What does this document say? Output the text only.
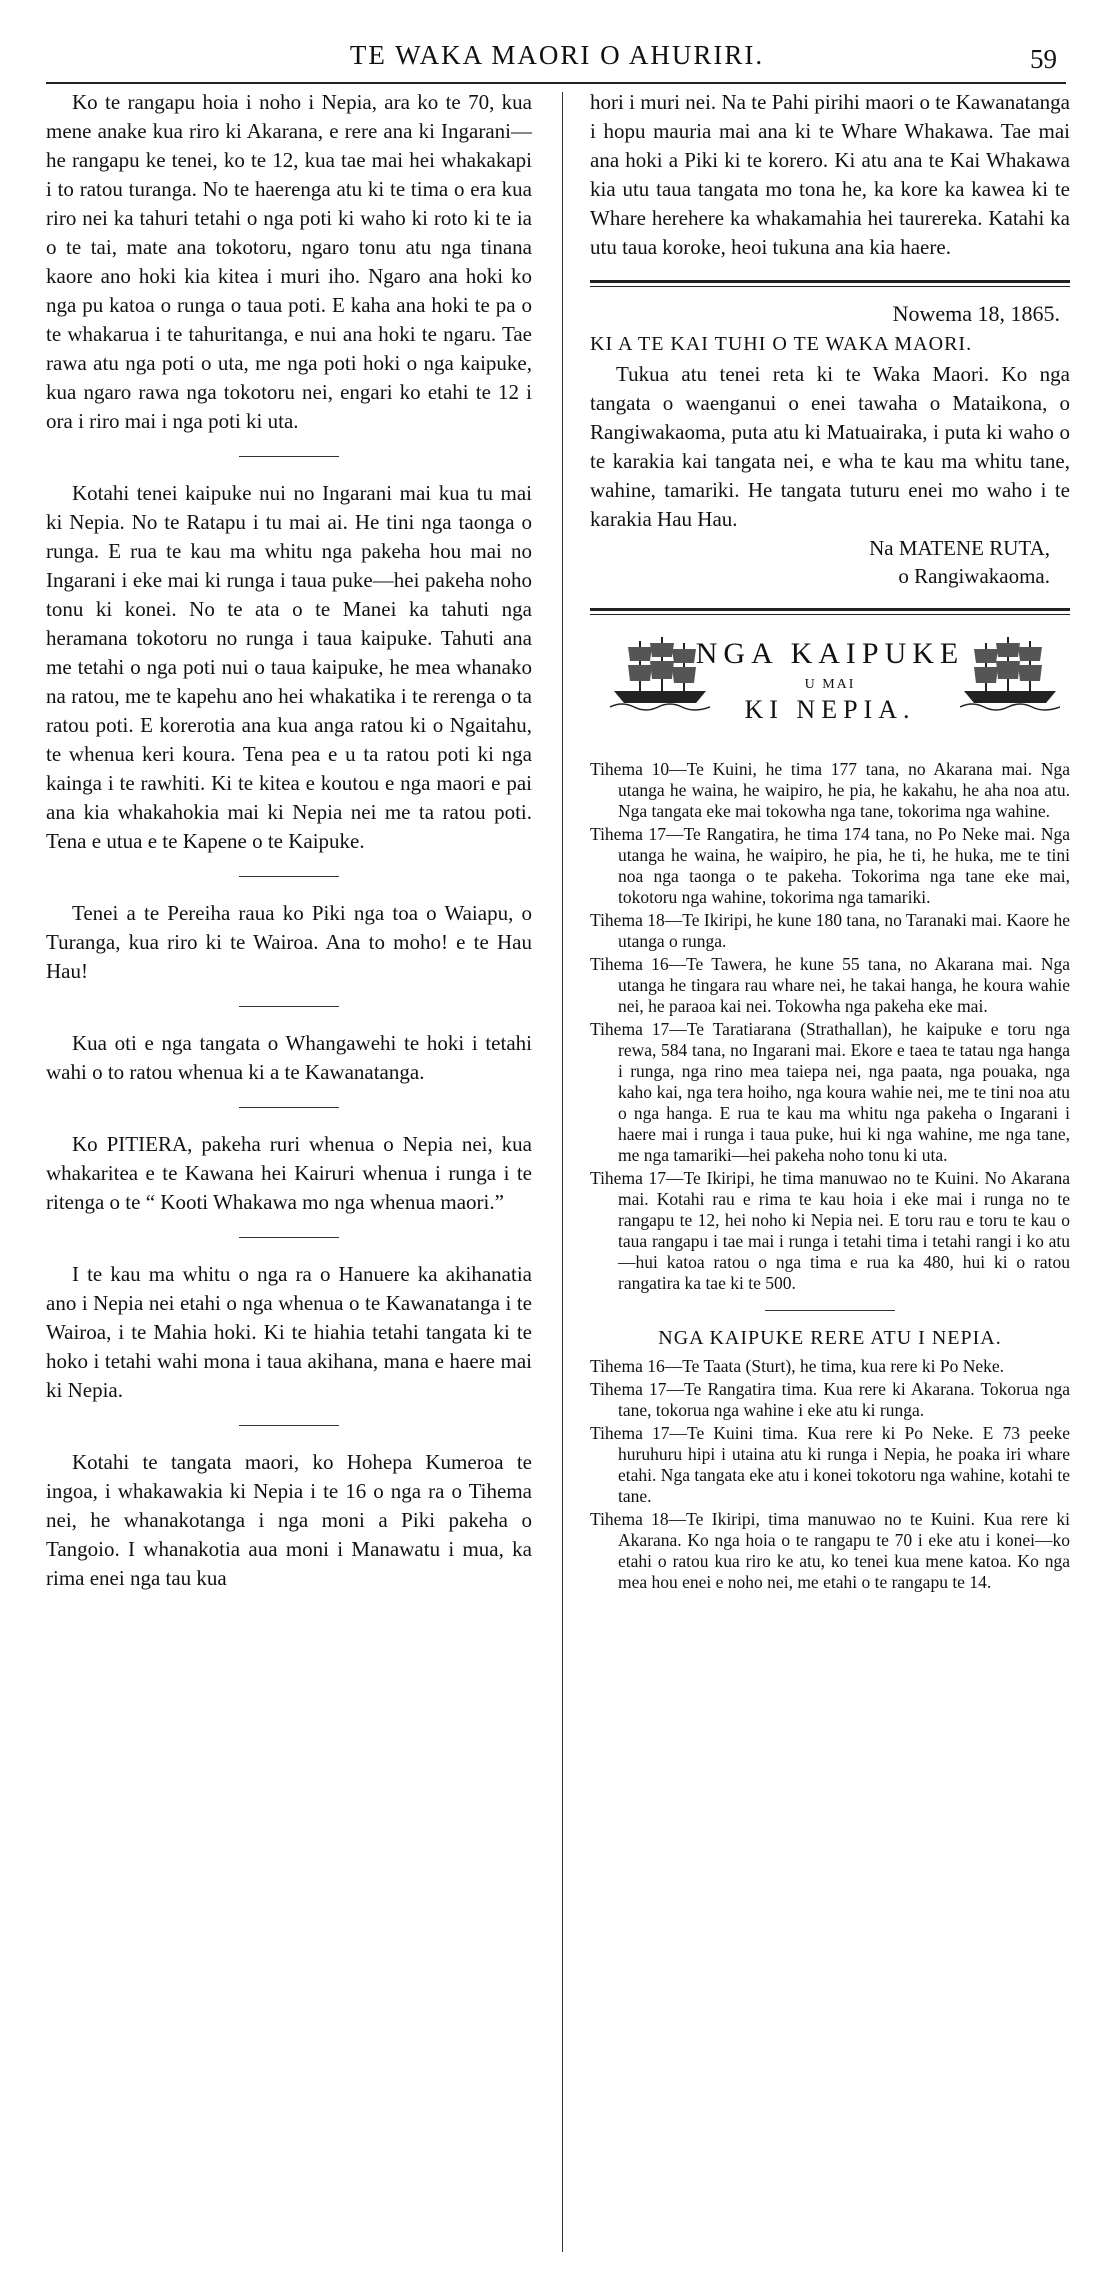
TE WAKA MAORI O AHURIRI.	59

Ko te rangapu hoia i noho i Nepia, ara ko te 70, kua mene anake kua riro ki Akarana, e rere ana ki Ingarani—he rangapu ke tenei, ko te 12, kua tae mai hei whakakapi i to ratou turanga. No te haerenga atu ki te tima o era kua riro nei ka tahuri tetahi o nga poti ki waho ki roto ki te ia o te tai, mate ana tokotoru, ngaro tonu atu nga tinana kaore ano hoki kia kitea i muri iho. Ngaro ana hoki ko nga pu katoa o runga o taua poti. E kaha ana hoki te pa o te whakarua i te tahuritanga, e nui ana hoki te ngaru. Tae rawa atu nga poti o uta, me nga poti hoki o nga kaipuke, kua ngaro rawa nga tokotoru nei, engari ko etahi te 12 i ora i riro mai i nga poti ki uta.

Kotahi tenei kaipuke nui no Ingarani mai kua tu mai ki Nepia. No te Ratapu i tu mai ai. He tini nga taonga o runga. E rua te kau ma whitu nga pakeha hou mai no Ingarani i eke mai ki runga i taua puke—hei pakeha noho tonu ki konei. No te ata o te Manei ka tahuti nga heramana tokotoru no runga i taua kaipuke. Tahuti ana me tetahi o nga poti nui o taua kaipuke, he mea whanako na ratou, me te kapehu ano hei whakatika i te rerenga o ta ratou poti. E korerotia ana kua anga ratou ki o Ngaitahu, te whenua keri koura. Tena pea e u ta ratou poti ki nga kainga i te rawhiti. Ki te kitea e koutou e nga maori e pai ana kia whakahokia mai ki Nepia nei me ta ratou poti. Tena e utua e te Kapene o te Kaipuke.

Tenei a te Pereiha raua ko Piki nga toa o Waiapu, o Turanga, kua riro ki te Wairoa. Ana to moho! e te Hau Hau!

Kua oti e nga tangata o Whangawehi te hoki i tetahi wahi o to ratou whenua ki a te Kawanatanga.

Ko PITIERA, pakeha ruri whenua o Nepia nei, kua whakaritea e te Kawana hei Kairuri whenua i runga i te ritenga o te “ Kooti Whakawa mo nga whenua maori.”

I te kau ma whitu o nga ra o Hanuere ka akihanatia ano i Nepia nei etahi o nga whenua o te Kawanatanga i te Wairoa, i te Mahia hoki. Ki te hiahia tetahi tangata ki te hoko i tetahi wahi mona i taua akihana, mana e haere mai ki Nepia.

Kotahi te tangata maori, ko Hohepa Kumeroa te ingoa, i whakawakia ki Nepia i te 16 o nga ra o Tihema nei, he whanakotanga i nga moni a Piki pakeha o Tangoio. I whanakotia aua moni i Manawatu i mua, ka rima enei nga tau kua

hori i muri nei. Na te Pahi pirihi maori o te Kawanatanga i hopu mauria mai ana ki te Whare Whakawa. Tae mai ana hoki a Piki ki te korero. Ki atu ana te Kai Whakawa kia utu taua tangata mo tona he, ka kore ka kawea ki te Whare herehere ka whakamahia hei taurereka. Katahi ka utu taua koroke, heoi tukuna ana kia haere.

Nowema 18, 1865.

KI A TE KAI TUHI O TE WAKA MAORI.

Tukua atu tenei reta ki te Waka Maori. Ko nga tangata o waenganui o enei tawaha o Mataikona, o Rangiwakaoma, puta atu ki Matuairaka, i puta ki waho o te karakia kai tangata nei, e wha te kau ma whitu tane, wahine, tamariki. He tangata tuturu enei mo waho i te karakia Hau Hau.

Na MATENE RUTA,

o Rangiwakaoma.

NGA KAIPUKE
U MAI
KI NEPIA.

Tihema 10—Te Kuini, he tima 177 tana, no Akarana mai. Nga utanga he waina, he waipiro, he pia, he kakahu, he aha noa atu. Nga tangata eke mai tokowha nga tane, tokorima nga wahine.

Tihema 17—Te Rangatira, he tima 174 tana, no Po Neke mai. Nga utanga he waina, he waipiro, he pia, he ti, he huka, me te tini noa nga taonga o te pakeha. Tokorima nga tane eke mai, tokotoru nga wahine, tokorima nga tamariki.

Tihema 18—Te Ikiripi, he kune 180 tana, no Taranaki mai. Kaore he utanga o runga.

Tihema 16—Te Tawera, he kune 55 tana, no Akarana mai. Nga utanga he tingara rau whare nei, he takai hanga, he koura wahie nei, he paraoa kai nei. Tokowha nga pakeha eke mai.

Tihema 17—Te Taratiarana (Strathallan), he kaipuke e toru nga rewa, 584 tana, no Ingarani mai. Ekore e taea te tatau nga hanga i runga, nga rino mea taiepa nei, nga paata, nga pouaka, nga kaho kai, nga tera hoiho, nga koura wahie nei, me te tini noa atu o nga hanga. E rua te kau ma whitu nga pakeha o Ingarani i haere mai i runga i taua puke, hui ki nga wahine, me nga tane, me nga tamariki—hei pakeha noho tonu ki uta.

Tihema 17—Te Ikiripi, he tima manuwao no te Kuini. No Akarana mai. Kotahi rau e rima te kau hoia i eke mai i runga no te rangapu te 12, hei noho ki Nepia nei. E toru rau e toru te kau o taua rangapu i tae mai i runga i tetahi tima i tetahi rangi i ko atu—hui katoa ratou o nga tima e rua ka 480, hui ki o ratou rangatira ka tae ki te 500.

NGA KAIPUKE RERE ATU I NEPIA.

Tihema 16—Te Taata (Sturt), he tima, kua rere ki Po Neke.

Tihema 17—Te Rangatira tima. Kua rere ki Akarana. Tokorua nga tane, tokorua nga wahine i eke atu ki runga.

Tihema 17—Te Kuini tima. Kua rere ki Po Neke. E 73 peeke huruhuru hipi i utaina atu ki runga i Nepia, he poaka iri whare etahi. Nga tangata eke atu i konei tokotoru nga wahine, kotahi te tane.

Tihema 18—Te Ikiripi, tima manuwao no te Kuini. Kua rere ki Akarana. Ko nga hoia o te rangapu te 70 i eke atu i konei—ko etahi o ratou kua riro ke atu, ko tenei kua mene katoa. Ko nga mea hou enei e noho nei, me etahi o te rangapu te 14.
